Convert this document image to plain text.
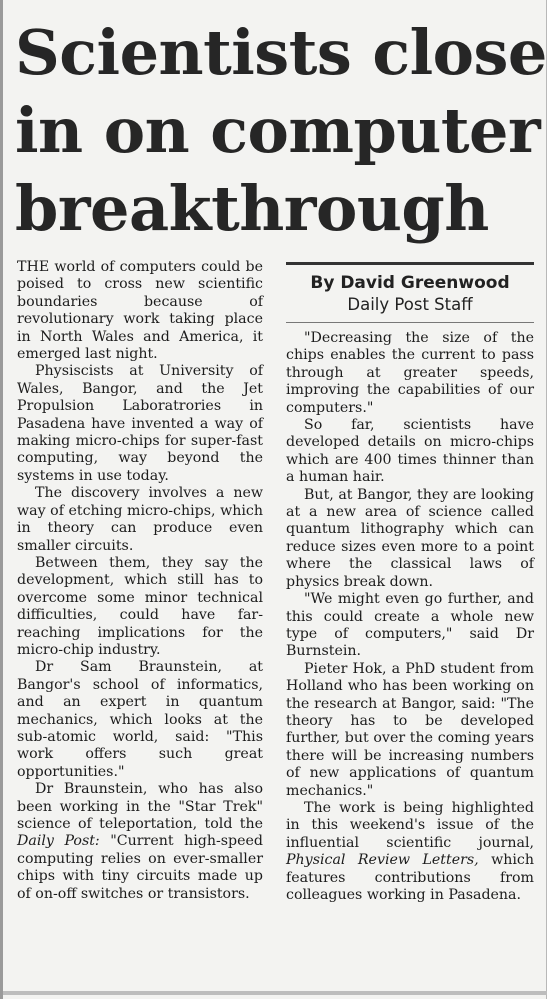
Scientists close
in on computer
breakthrough

THE world of computers could be poised to cross new scientific boundaries because of revolutionary work taking place in North Wales and America, it emerged last night.

Physiscists at University of Wales, Bangor, and the Jet Propulsion Laboratrories in Pasadena have invented a way of making micro-chips for super-fast computing, way beyond the systems in use today.

The discovery involves a new way of etching micro-chips, which in theory can produce even smaller circuits.

Between them, they say the development, which still has to overcome some minor technical difficulties, could have far-reaching implications for the micro-chip industry.

Dr Sam Braunstein, at Bangor's school of informatics, and an expert in quantum mechanics, which looks at the sub-atomic world, said: "This work offers such great opportunities."

Dr Braunstein, who has also been working in the "Star Trek" science of teleportation, told the Daily Post: "Current high-speed computing relies on ever-smaller chips with tiny circuits made up of on-off switches or transistors.

By David Greenwood
Daily Post Staff

"Decreasing the size of the chips enables the current to pass through at greater speeds, improving the capabilities of our computers."

So far, scientists have developed details on micro-chips which are 400 times thinner than a human hair.

But, at Bangor, they are looking at a new area of science called quantum lithography which can reduce sizes even more to a point where the classical laws of physics break down.

"We might even go further, and this could create a whole new type of computers," said Dr Burnstein.

Pieter Hok, a PhD student from Holland who has been working on the research at Bangor, said: "The theory has to be developed further, but over the coming years there will be increasing numbers of new applications of quantum mechanics."

The work is being highlighted in this weekend's issue of the influential scientific journal, Physical Review Letters, which features contributions from colleagues working in Pasadena.
